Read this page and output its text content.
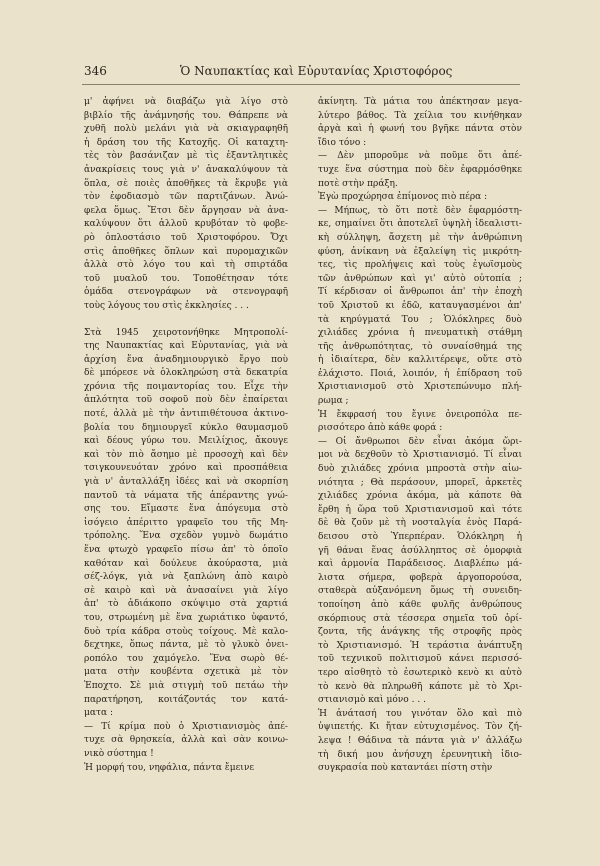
346	Ὁ Ναυπακτίας καὶ Εὐρυτανίας Χριστοφόρος
μ' ἀφήνει νὰ διαβάζω γιὰ λίγο στὸ
βιβλίο τῆς ἀνάμνησής του. Θάπρεπε νὰ
χυθῆ πολὺ μελάνι γιὰ νὰ σκιαγραφηθῆ
ἡ δράση του τῆς Κατοχῆς. Οἱ καταχτη-
τὲς τὸν βασάνιζαν μὲ τὶς ἐξαντλητικὲς
ἀνακρίσεις τους γιὰ ν' ἀνακαλύψουν τὰ
ὅπλα, σὲ ποιὲς ἀποθῆκες τὰ ἔκρυβε γιὰ
τὸν ἐφοδιασμὸ τῶν παρτιζάνων. Ἀνώ-
φελα ὅμως. Ἔτσι δὲν ἄργησαν νὰ ἀνα-
καλύψουν ὅτι ἀλλοῦ κρυβόταν τὸ φοβε-
ρὸ ὁπλοστάσιο τοῦ Χριστοφόρου. Ὄχι
στὶς ἀποθῆκες ὅπλων καὶ πυρομαχικῶν
ἀλλὰ στὸ λόγο του καὶ τὴ σπιρτάδα
τοῦ μυαλοῦ του. Τοποθέτησαν τότε
ὁμάδα στενογράφων νὰ στενογραφῆ
τοὺς λόγους του στὶς ἐκκλησίες . . .
Στὰ 1945 χειροτονήθηκε Μητροπολί-
της Ναυπακτίας καὶ Εὐρυτανίας, γιὰ νὰ
ἀρχίση ἕνα ἀναδημιουργικὸ ἔργο ποὺ
δὲ μπόρεσε νὰ ὁλοκληρώση στὰ δεκατρία
χρόνια τῆς ποιμαντορίας του. Εἶχε τὴν
ἁπλότητα τοῦ σοφοῦ ποὺ δὲν ἐπαίρεται
ποτέ, ἀλλὰ μὲ τὴν ἀντιπιθέτουσα ἀκτινο-
βολία του δημιουργεῖ κύκλο θαυμασμοῦ
καὶ δέους γύρω του. Μειλίχιος, ἄκουγε
καὶ τὸν πιὸ ἄσημο μὲ προσοχὴ καὶ δὲν
τσιγκουνευόταν χρόνο καὶ προσπάθεια
γιὰ ν' ἀνταλλάξη ἰδέες καὶ νὰ σκορπίση
παντοῦ τὰ νάματα τῆς ἀπέραντης γνώ-
σης του. Εἴμαστε ἕνα ἀπόγευμα στὸ
ἰσόγειο ἀπέριττο γραφεῖο του τῆς Μη-
τρόπολης. Ἕνα σχεδὸν γυμνὸ δωμάτιο
ἕνα φτωχὸ γραφεῖο πίσω ἀπ' τὸ ὁποῖο
καθόταν καὶ δούλευε ἀκούραστα, μιὰ
σέζ-λόγκ, γιὰ νὰ ξαπλώνη ἀπὸ καιρὸ
σὲ καιρὸ καὶ νὰ ἀνασαίνει γιὰ λίγο
ἀπ' τὸ ἀδιάκοπο σκύψιμο στὰ χαρτιά
του, στρωμένη μὲ ἕνα χωριάτικο ὑφαντό,
δυὸ τρία κάδρα στοὺς τοίχους. Μὲ καλο-
δεχτηκε, ὅπως πάντα, μὲ τὸ γλυκὸ ὀνει-
ροπόλο του χαμόγελο. Ἕνα σωρὸ θέ-
ματα στὴν κουβέντα σχετικὰ μὲ τὸν
Ἐποχτο. Σὲ μιὰ στιγμὴ τοῦ πετάω τὴν
παρατήρηση, κοιτάζοντάς τον κατά-
ματα :
— Τί κρίμα ποὺ ὁ Χριστιανισμὸς ἀπέ-
τυχε σὰ θρησκεία, ἀλλὰ καὶ σὰν κοινω-
νικὸ σύστημα !
Ἡ μορφή του, νηφάλια, πάντα ἔμεινε
ἀκίνητη. Τὰ μάτια του ἀπέκτησαν μεγα-
λύτερο βάθος. Τὰ χείλια του κινήθηκαν
ἀργὰ καὶ ἡ φωνή του βγῆκε πάντα στὸν
ἴδιο τόνο :
— Δὲν μποροῦμε νὰ ποῦμε ὅτι ἀπέ-
τυχε ἕνα σύστημα ποὺ δὲν ἐφαρμόσθηκε
ποτὲ στὴν πράξη.
Ἐγὼ προχώρησα ἐπίμονος πιὸ πέρα :
— Μήπως, τὸ ὅτι ποτὲ δὲν ἐφαρμόστη-
κε, σημαίνει ὅτι ἀποτελεῖ ὑψηλὴ ἰδεαλιστι-
κὴ σύλληψη, ἄσχετη μὲ τὴν ἀνθρώπινη
φύση, ἀνίκανη νὰ ἐξαλείψη τὶς μικρότη-
τες, τὶς προλήψεις καὶ τοὺς ἐγωϊσμοὺς
τῶν ἀνθρώπων καὶ γι' αὐτὸ οὐτοπία ;
Τί κέρδισαν οἱ ἄνθρωποι ἀπ' τὴν ἐποχὴ
τοῦ Χριστοῦ κι ἐδῶ, καταυγασμένοι ἀπ'
τὰ κηρύγματά Του ; Ὁλόκληρες δυὸ
χιλιάδες χρόνια ἡ πνευματικὴ στάθμη
τῆς ἀνθρωπότητας, τὸ συναίσθημά της
ἡ ἰδιαίτερα, δὲν καλλιτέρεψε, οὔτε στὸ
ἐλάχιστο. Ποιά, λοιπόν, ἡ ἐπίδραση τοῦ
Χριστιανισμοῦ στὸ Χριστεπώνυμο πλή-
ρωμα ;
Ἡ ἔκφρασή του ἔγινε ὀνειροπόλα πε-
ρισσότερο ἀπὸ κάθε φορά :
— Οἱ ἄνθρωποι δὲν εἶναι ἀκόμα ὥρι-
μοι νὰ δεχθοῦν τὸ Χριστιανισμό. Τί εἶναι
δυὸ χιλιάδες χρόνια μπροστὰ στὴν αἰω-
νιότητα ; Θὰ περάσουν, μπορεῖ, ἀρκετὲς
χιλιάδες χρόνια ἀκόμα, μὰ κάποτε θὰ
ἔρθη ἡ ὥρα τοῦ Χριστιανισμοῦ καὶ τότε
δὲ θὰ ζοῦν μὲ τὴ νοσταλγία ἑνὸς Παρά-
δεισου στὸ Ὑπερπέραν. Ὁλόκληρη ἡ
γῆ θάναι ἕνας ἀσύλληπτος σὲ ὀμορφιὰ
καὶ ἁρμονία Παράδεισος. Διαβλέπω μά-
λιστα σήμερα, φοβερὰ ἀργοπορούσα,
σταθερὰ αὐξανόμενη ὅμως τὴ συνειδη-
τοποίηση ἀπὸ κάθε φυλῆς ἀνθρώπους
σκόρπιους στὰ τέσσερα σημεῖα τοῦ ὁρί-
ζοντα, τῆς ἀνάγκης τῆς στροφῆς πρὸς
τὸ Χριστιανισμό. Ἡ τεράστια ἀνάπτυξη
τοῦ τεχνικοῦ πολιτισμοῦ κάνει περισσό-
τερο αἰσθητὸ τὸ ἐσωτερικὸ κενὸ κι αὐτὸ
τὸ κενὸ θὰ πληρωθῆ κάποτε μὲ τὸ Χρι-
στιανισμὸ καὶ μόνο . . .
Ἡ ἀνάτασή του γινόταν ὅλο καὶ πιὸ
ὑψιπετής. Κι ἤταν εὐτυχισμένος. Τὸν ζή-
λεψα ! Θάδινα τὰ πάντα γιὰ ν' ἀλλάξω
τὴ δική μου ἀνήσυχη ἐρευνητικὴ ἰδιο-
συγκρασία ποὺ καταντάει πίστη στὴν
